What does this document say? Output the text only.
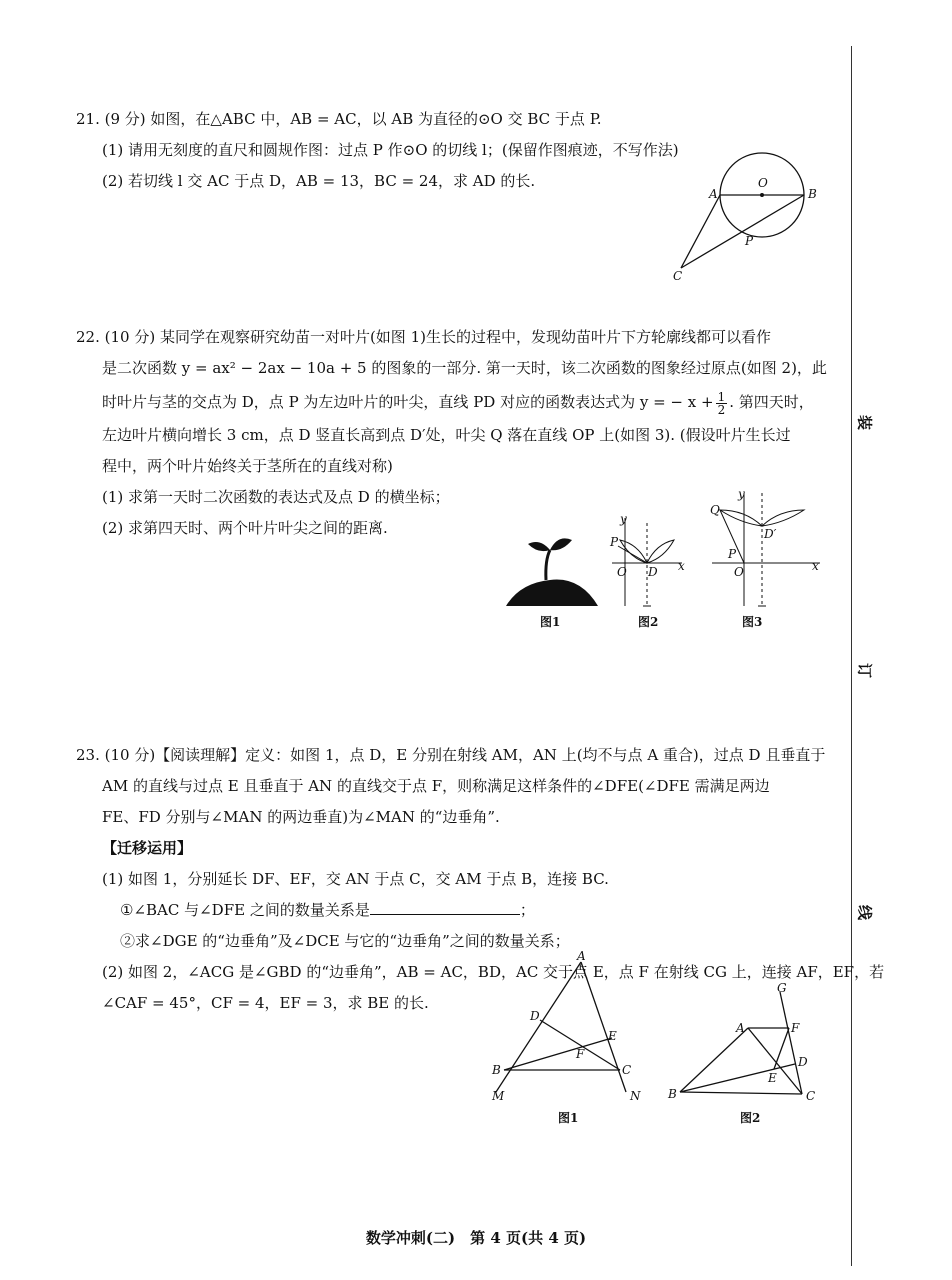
装
订
线

21. (9 分) 如图，在△ABC 中，AB = AC，以 AB 为直径的⊙O 交 BC 于点 P.

(1) 请用无刻度的直尺和圆规作图：过点 P 作⊙O 的切线 l；(保留作图痕迹，不写作法)

(2) 若切线 l 交 AC 于点 D，AB = 13，BC = 24，求 AD 的长.

A
O
B
P
C

22. (10 分) 某同学在观察研究幼苗一对叶片(如图 1)生长的过程中，发现幼苗叶片下方轮廓线都可以看作

是二次函数 y = ax² − 2ax − 10a + 5 的图象的一部分. 第一天时，该二次函数的图象经过原点(如图 2)，此

时叶片与茎的交点为 D，点 P 为左边叶片的叶尖，直线 PD 对应的函数表达式为 y = − $x + \frac{1}{2}$ . 第四天时，

左边叶片横向增长 3 cm，点 D 竖直长高到点 D′处，叶尖 Q 落在直线 OP 上(如图 3). (假设叶片生长过

程中，两个叶片始终关于茎所在的直线对称)

(1) 求第一天时二次函数的表达式及点 D 的横坐标；

(2) 求第四天时、两个叶片叶尖之间的距离.	y
P
O D x
y
Q
D′
P
O	x
图1	图2	图3

23. (10 分)【阅读理解】定义：如图 1，点 D，E 分别在射线 AM，AN 上(均不与点 A 重合)，过点 D 且垂直于

AM 的直线与过点 E 且垂直于 AN 的直线交于点 F，则称满足这样条件的∠DFE(∠DFE 需满足两边

FE、FD 分别与∠MAN 的两边垂直)为∠MAN 的“边垂角”.

【迁移运用】

(1) 如图 1，分别延长 DF、EF，交 AN 于点 C，交 AM 于点 B，连接 BC.

①∠BAC 与∠DFE 之间的数量关系是	；

②求∠DGE 的“边垂角”及∠DCE 与它的“边垂角”之间的数量关系；

(2) 如图 2，∠ACG 是∠GBD 的“边垂角”，AB = AC，BD，AC 交于点 E，点 F 在射线 CG 上，连接 AF，EF，若

∠CAF = 45°，CF = 4，EF = 3，求 BE 的长.

A
D
E
F
B	C
M	N
G
A	F
D
E
B	C
图1	图2
数学冲刺(二)　第 4 页(共 4 页)
